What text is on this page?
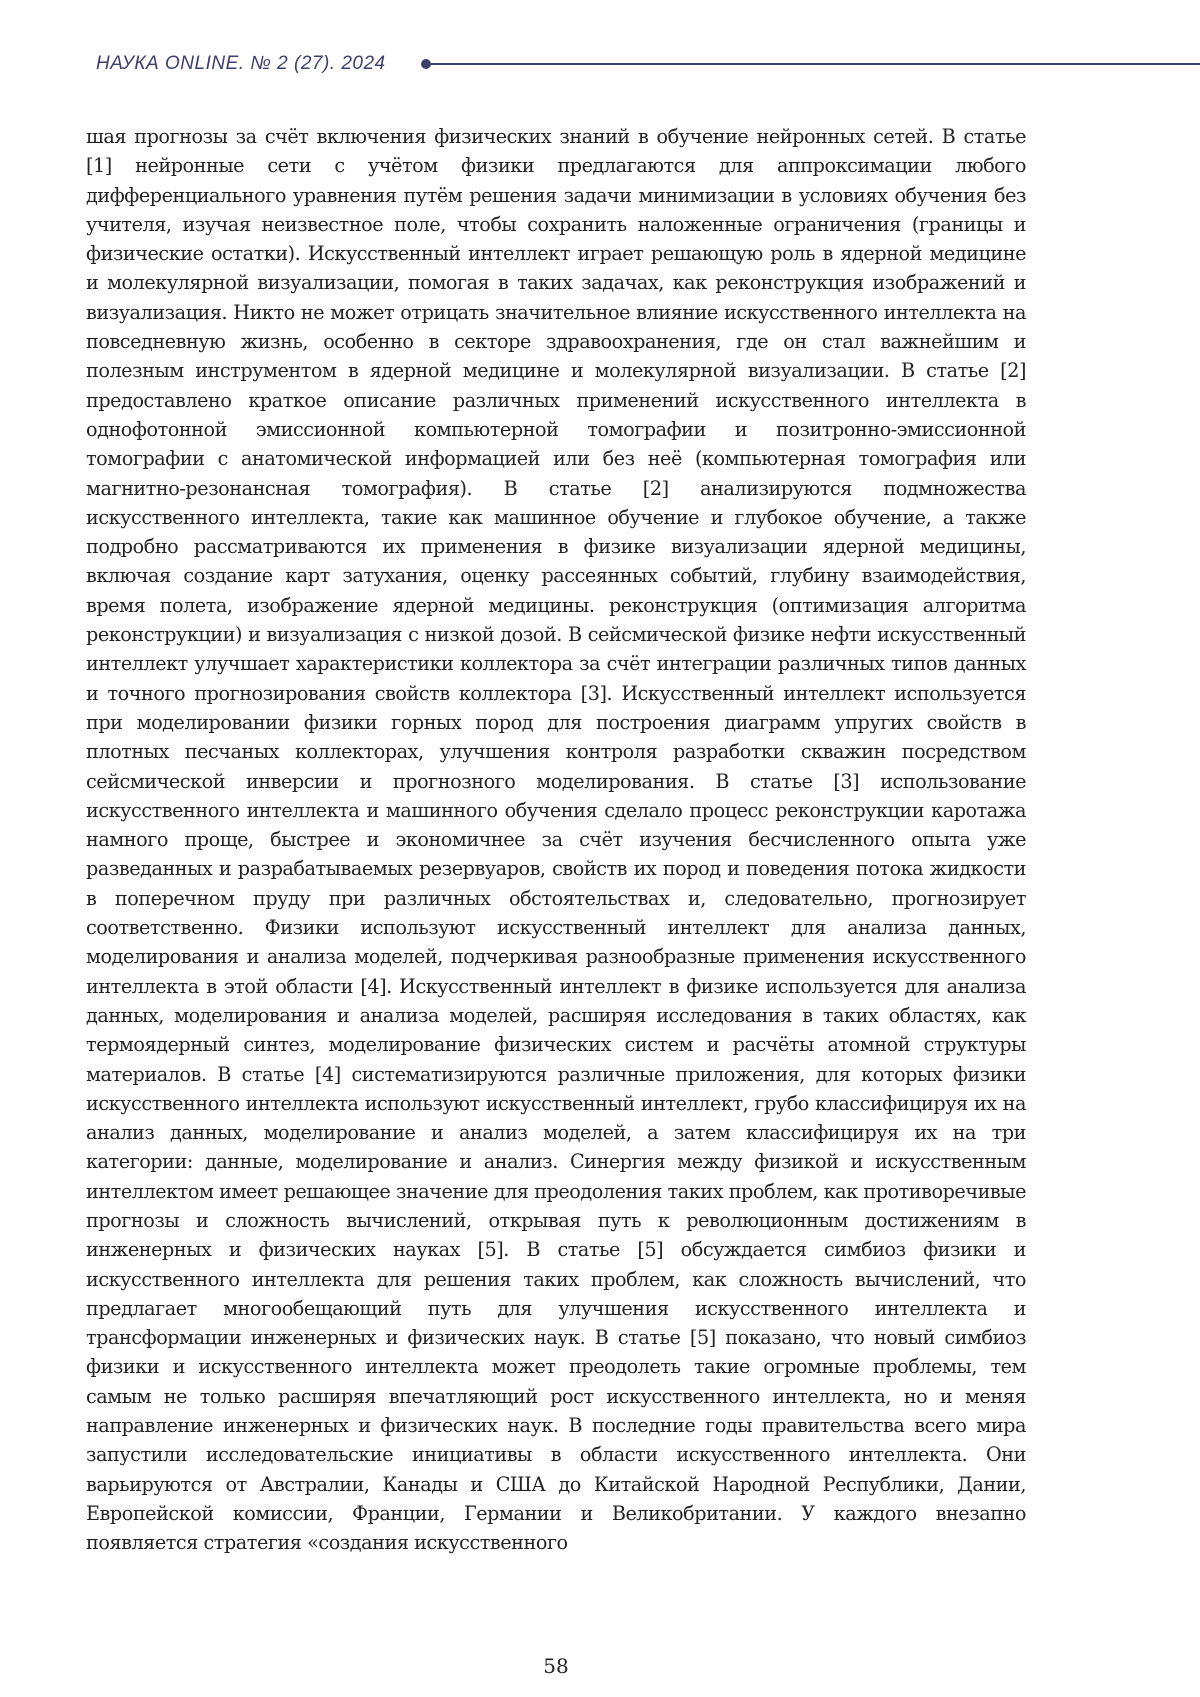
НАУКА ONLINE. № 2 (27). 2024
шая прогнозы за счёт включения физических знаний в обучение нейронных сетей. В статье [1] нейронные сети с учётом физики предлагаются для аппроксимации любого дифференциального уравнения путём решения задачи минимизации в условиях обучения без учителя, изучая неизвестное поле, чтобы сохранить наложенные ограничения (границы и физические остатки). Искусственный интеллект играет решающую роль в ядерной медицине и молекулярной визуализации, помогая в таких задачах, как реконструкция изображений и визуализация. Никто не может отрицать значительное влияние искусственного интеллекта на повседневную жизнь, особенно в секторе здравоохранения, где он стал важнейшим и полезным инструментом в ядерной медицине и молекулярной визуализации. В статье [2] предоставлено краткое описание различных применений искусственного интеллекта в однофотонной эмиссионной компьютерной томографии и позитронно-эмиссионной томографии с анатомической информацией или без неё (компьютерная томография или магнитно-резонансная томография). В статье [2] анализируются подмножества искусственного интеллекта, такие как машинное обучение и глубокое обучение, а также подробно рассматриваются их применения в физике визуализации ядерной медицины, включая создание карт затухания, оценку рассеянных событий, глубину взаимодействия, время полета, изображение ядерной медицины. реконструкция (оптимизация алгоритма реконструкции) и визуализация с низкой дозой. В сейсмической физике нефти искусственный интеллект улучшает характеристики коллектора за счёт интеграции различных типов данных и точного прогнозирования свойств коллектора [3]. Искусственный интеллект используется при моделировании физики горных пород для построения диаграмм упругих свойств в плотных песчаных коллекторах, улучшения контроля разработки скважин посредством сейсмической инверсии и прогнозного моделирования. В статье [3] использование искусственного интеллекта и машинного обучения сделало процесс реконструкции каротажа намного проще, быстрее и экономичнее за счёт изучения бесчисленного опыта уже разведанных и разрабатываемых резервуаров, свойств их пород и поведения потока жидкости в поперечном пруду при различных обстоятельствах и, следовательно, прогнозирует соответственно. Физики используют искусственный интеллект для анализа данных, моделирования и анализа моделей, подчеркивая разнообразные применения искусственного интеллекта в этой области [4]. Искусственный интеллект в физике используется для анализа данных, моделирования и анализа моделей, расширяя исследования в таких областях, как термоядерный синтез, моделирование физических систем и расчёты атомной структуры материалов. В статье [4] систематизируются различные приложения, для которых физики искусственного интеллекта используют искусственный интеллект, грубо классифицируя их на анализ данных, моделирование и анализ моделей, а затем классифицируя их на три категории: данные, моделирование и анализ. Синергия между физикой и искусственным интеллектом имеет решающее значение для преодоления таких проблем, как противоречивые прогнозы и сложность вычислений, открывая путь к революционным достижениям в инженерных и физических науках [5]. В статье [5] обсуждается симбиоз физики и искусственного интеллекта для решения таких проблем, как сложность вычислений, что предлагает многообещающий путь для улучшения искусственного интеллекта и трансформации инженерных и физических наук. В статье [5] показано, что новый симбиоз физики и искусственного интеллекта может преодолеть такие огромные проблемы, тем самым не только расширяя впечатляющий рост искусственного интеллекта, но и меняя направление инженерных и физических наук. В последние годы правительства всего мира запустили исследовательские инициативы в области искусственного интеллекта. Они варьируются от Австралии, Канады и США до Китайской Народной Республики, Дании, Европейской комиссии, Франции, Германии и Великобритании. У каждого внезапно появляется стратегия «создания искусственного
58
